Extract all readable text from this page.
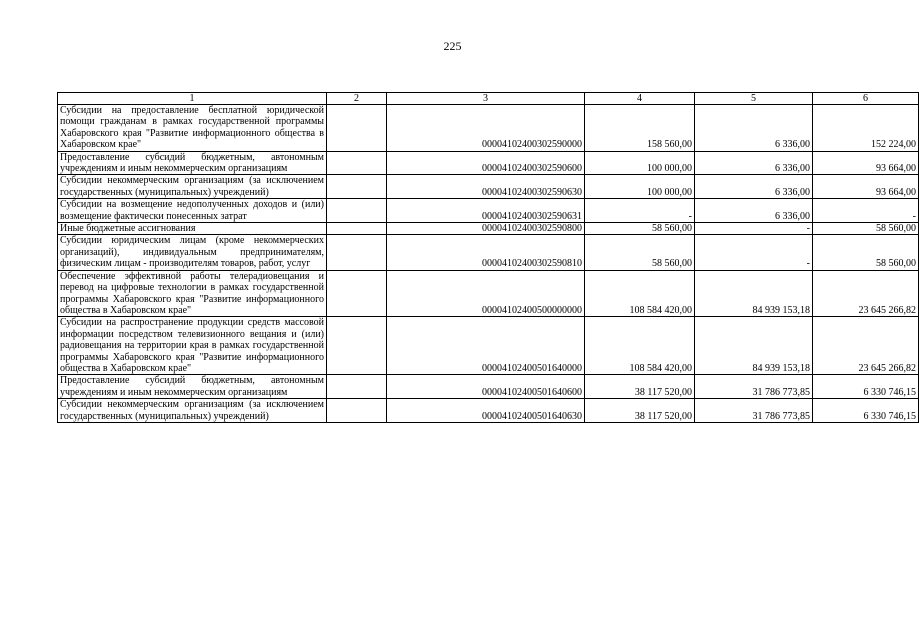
225
1	2	3	4	5	6
Субсидии на предоставление бесплатной юридической помощи гражданам в рамках государственной программы Хабаровского края "Развитие информационного общества в Хабаровском крае"		00004102400302590000	158 560,00	6 336,00	152 224,00
Предоставление субсидий бюджетным, автономным учреждениям и иным некоммерческим организациям		00004102400302590600	100 000,00	6 336,00	93 664,00
Субсидии некоммерческим организациям (за исключением государственных (муниципальных) учреждений)		00004102400302590630	100 000,00	6 336,00	93 664,00
Субсидии на возмещение недополученных доходов и (или) возмещение фактически понесенных затрат		00004102400302590631	-	6 336,00	-
Иные бюджетные ассигнования		00004102400302590800	58 560,00	-	58 560,00
Субсидии юридическим лицам (кроме некоммерческих организаций), индивидуальным предпринимателям, физическим лицам - производителям товаров, работ, услуг		00004102400302590810	58 560,00	-	58 560,00
Обеспечение эффективной работы телерадиовещания и перевод на цифровые технологии в рамках государственной программы Хабаровского края "Развитие информационного общества в Хабаровском крае"		00004102400500000000	108 584 420,00	84 939 153,18	23 645 266,82
Субсидии на распространение продукции средств массовой информации посредством телевизионного вещания и (или) радиовещания на территории края в рамках государственной программы Хабаровского края "Развитие информационного общества в Хабаровском крае"		00004102400501640000	108 584 420,00	84 939 153,18	23 645 266,82
Предоставление субсидий бюджетным, автономным учреждениям и иным некоммерческим организациям		00004102400501640600	38 117 520,00	31 786 773,85	6 330 746,15
Субсидии некоммерческим организациям (за исключением государственных (муниципальных) учреждений)		00004102400501640630	38 117 520,00	31 786 773,85	6 330 746,15
